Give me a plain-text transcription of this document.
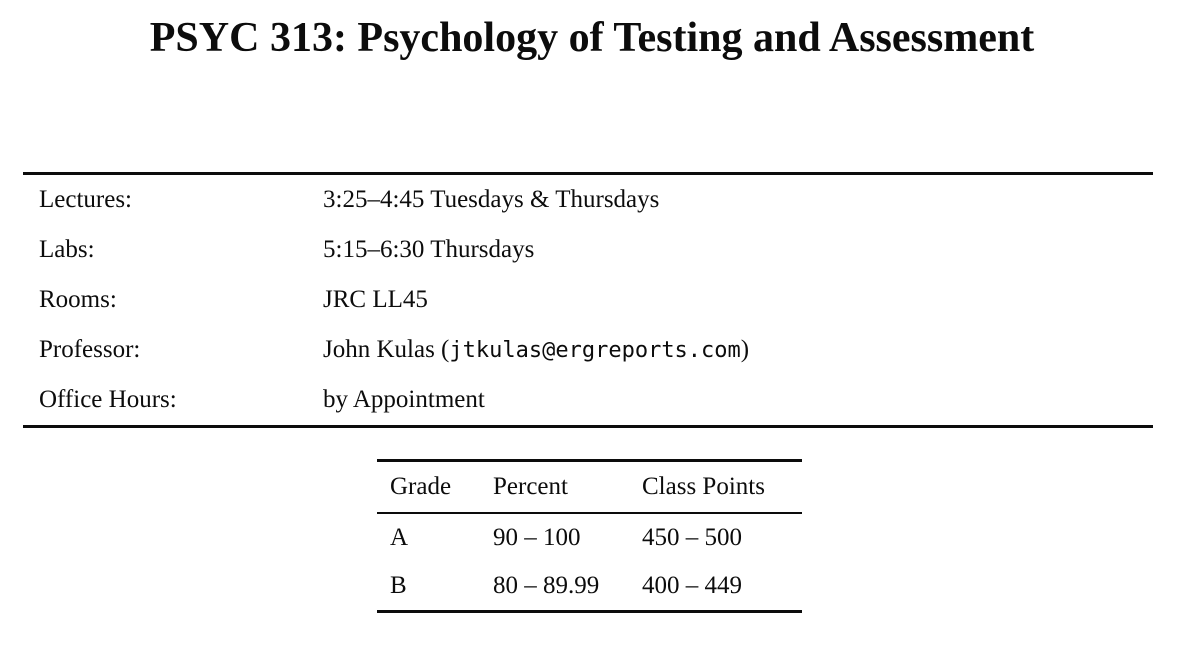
PSYC 313: Psychology of Testing and Assessment
Lectures:	3:25–4:45 Tuesdays & Thursdays
Labs:	5:15–6:30 Thursdays
Rooms:	JRC LL45
Professor:	John Kulas (jtkulas@ergreports.com)
Office Hours:	by Appointment
Grade	Percent	Class Points
A	90 – 100	450 – 500
B	80 – 89.99	400 – 449
